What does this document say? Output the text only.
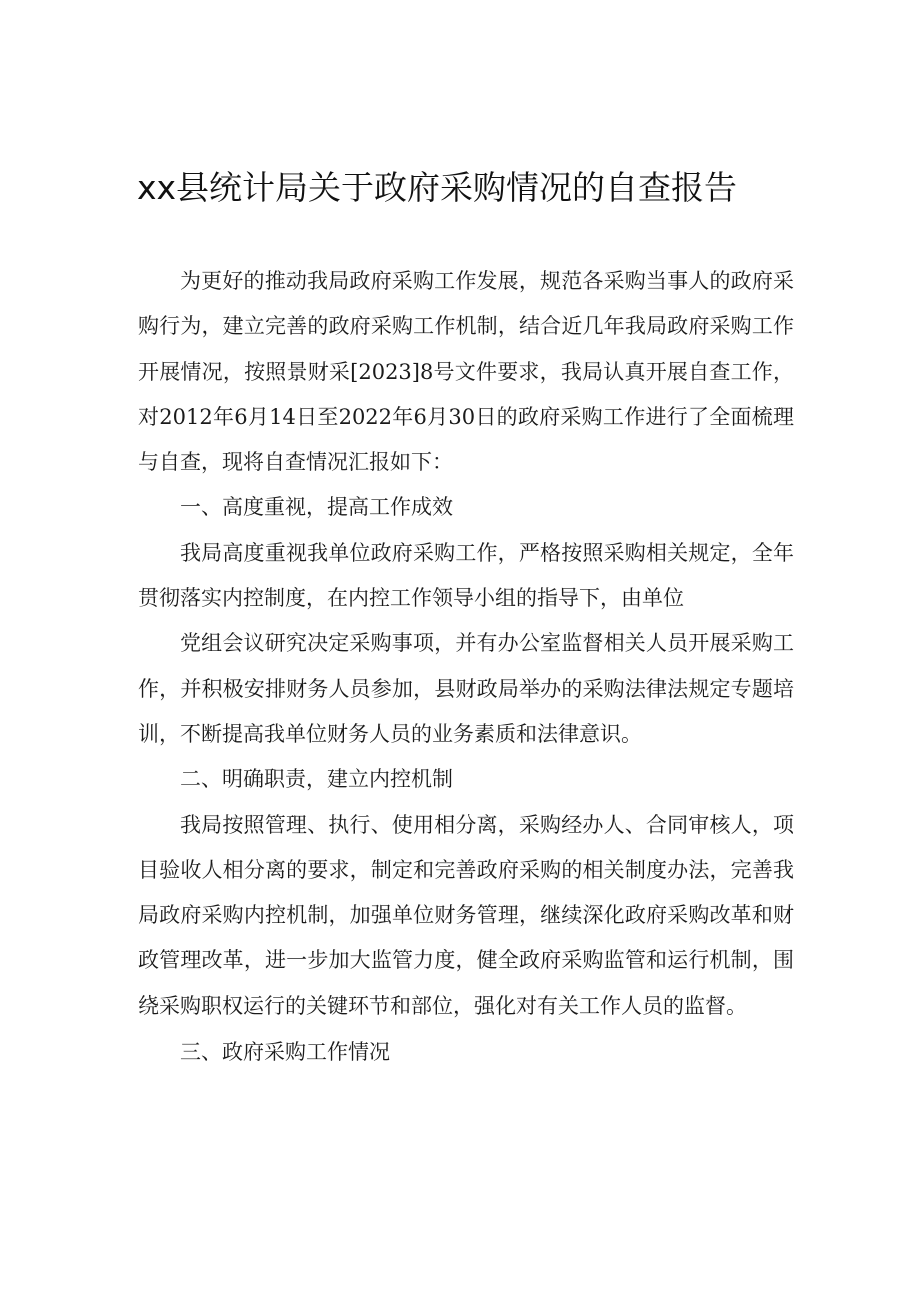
xx县统计局关于政府采购情况的自查报告

为更好的推动我局政府采购工作发展，规范各采购当事人的政府采购行为，建立完善的政府采购工作机制，结合近几年我局政府采购工作开展情况，按照景财采[2023]8号文件要求，我局认真开展自查工作，对2012年6月14日至2022年6月30日的政府采购工作进行了全面梳理与自查，现将自查情况汇报如下：

一、高度重视，提高工作成效

我局高度重视我单位政府采购工作，严格按照采购相关规定，全年贯彻落实内控制度，在内控工作领导小组的指导下，由单位

党组会议研究决定采购事项，并有办公室监督相关人员开展采购工作，并积极安排财务人员参加，县财政局举办的采购法律法规定专题培训，不断提高我单位财务人员的业务素质和法律意识。

二、明确职责，建立内控机制

我局按照管理、执行、使用相分离，采购经办人、合同审核人，项目验收人相分离的要求，制定和完善政府采购的相关制度办法，完善我局政府采购内控机制，加强单位财务管理，继续深化政府采购改革和财政管理改革，进一步加大监管力度，健全政府采购监管和运行机制，围绕采购职权运行的关键环节和部位，强化对有关工作人员的监督。

三、政府采购工作情况
